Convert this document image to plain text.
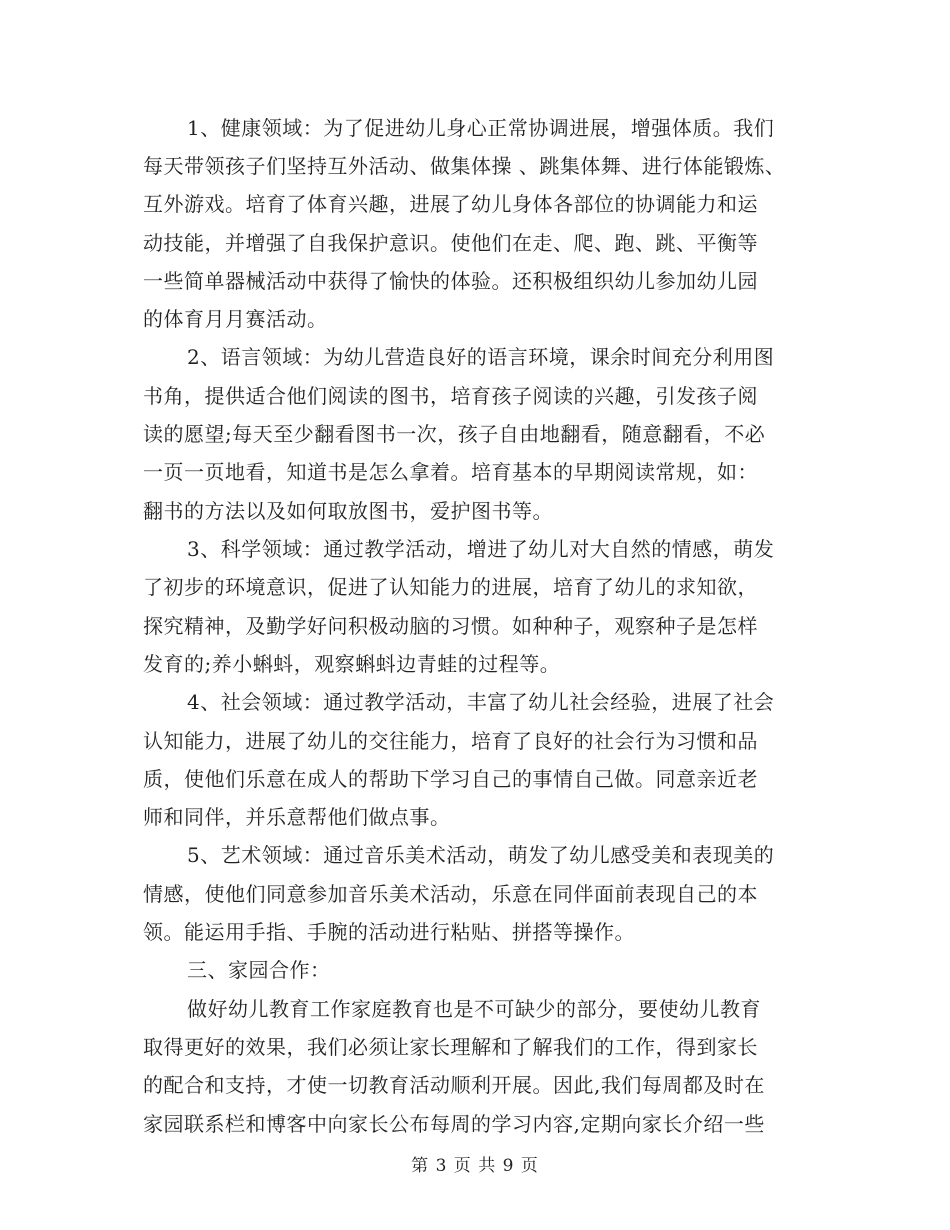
1、健康领域：为了促进幼儿身心正常协调进展，增强体质。我们
每天带领孩子们坚持互外活动、做集体操 、跳集体舞、进行体能锻炼、
互外游戏。培育了体育兴趣，进展了幼儿身体各部位的协调能力和运
动技能，并增强了自我保护意识。使他们在走、爬、跑、跳、平衡等
一些简单器械活动中获得了愉快的体验。还积极组织幼儿参加幼儿园
的体育月月赛活动。
2、语言领域：为幼儿营造良好的语言环境，课余时间充分利用图
书角，提供适合他们阅读的图书，培育孩子阅读的兴趣，引发孩子阅
读的愿望;每天至少翻看图书一次，孩子自由地翻看，随意翻看，不必
一页一页地看，知道书是怎么拿着。培育基本的早期阅读常规，如：
翻书的方法以及如何取放图书，爱护图书等。
3、科学领域：通过教学活动，增进了幼儿对大自然的情感，萌发
了初步的环境意识，促进了认知能力的进展，培育了幼儿的求知欲，
探究精神，及勤学好问积极动脑的习惯。如种种子，观察种子是怎样
发育的;养小蝌蚪，观察蝌蚪边青蛙的过程等。
4、社会领域：通过教学活动，丰富了幼儿社会经验，进展了社会
认知能力，进展了幼儿的交往能力，培育了良好的社会行为习惯和品
质，使他们乐意在成人的帮助下学习自己的事情自己做。同意亲近老
师和同伴，并乐意帮他们做点事。
5、艺术领域：通过音乐美术活动，萌发了幼儿感受美和表现美的
情感，使他们同意参加音乐美术活动，乐意在同伴面前表现自己的本
领。能运用手指、手腕的活动进行粘贴、拼搭等操作。
三、家园合作：
做好幼儿教育工作家庭教育也是不可缺少的部分，要使幼儿教育
取得更好的效果，我们必须让家长理解和了解我们的工作，得到家长
的配合和支持，才使一切教育活动顺利开展。因此,我们每周都及时在
家园联系栏和博客中向家长公布每周的学习内容,定期向家长介绍一些
第 3 页 共 9 页
